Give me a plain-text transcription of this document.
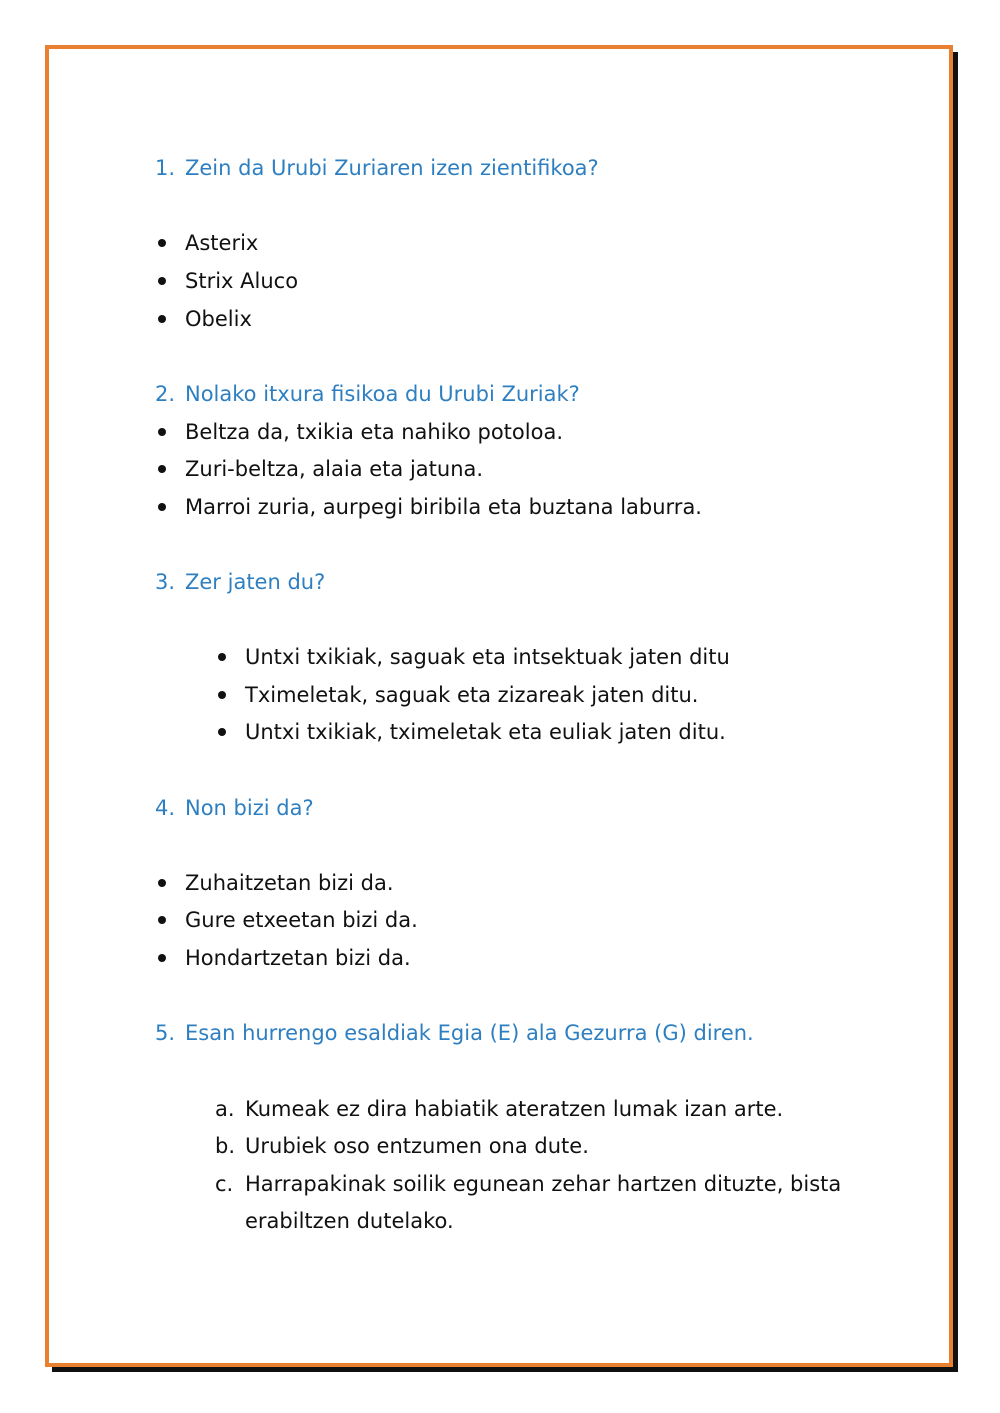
1. Zein da Urubi Zuriaren izen zientifikoa?
Asterix
Strix Aluco
Obelix
2. Nolako itxura fisikoa du Urubi Zuriak?
Beltza da, txikia eta nahiko potoloa.
Zuri-beltza, alaia eta jatuna.
Marroi zuria, aurpegi biribila eta buztana laburra.
3. Zer jaten du?
Untxi txikiak, saguak eta intsektuak jaten ditu
Tximeletak, saguak eta zizareak jaten ditu.
Untxi txikiak, tximeletak eta euliak jaten ditu.
4. Non bizi da?
Zuhaitzetan bizi da.
Gure etxeetan bizi da.
Hondartzetan bizi da.
5. Esan hurrengo esaldiak Egia (E) ala Gezurra (G) diren.
a. Kumeak ez dira habiatik ateratzen lumak izan arte.
b. Urubiek oso entzumen ona dute.
c. Harrapakinak soilik egunean zehar hartzen dituzte, bista
erabiltzen dutelako.
